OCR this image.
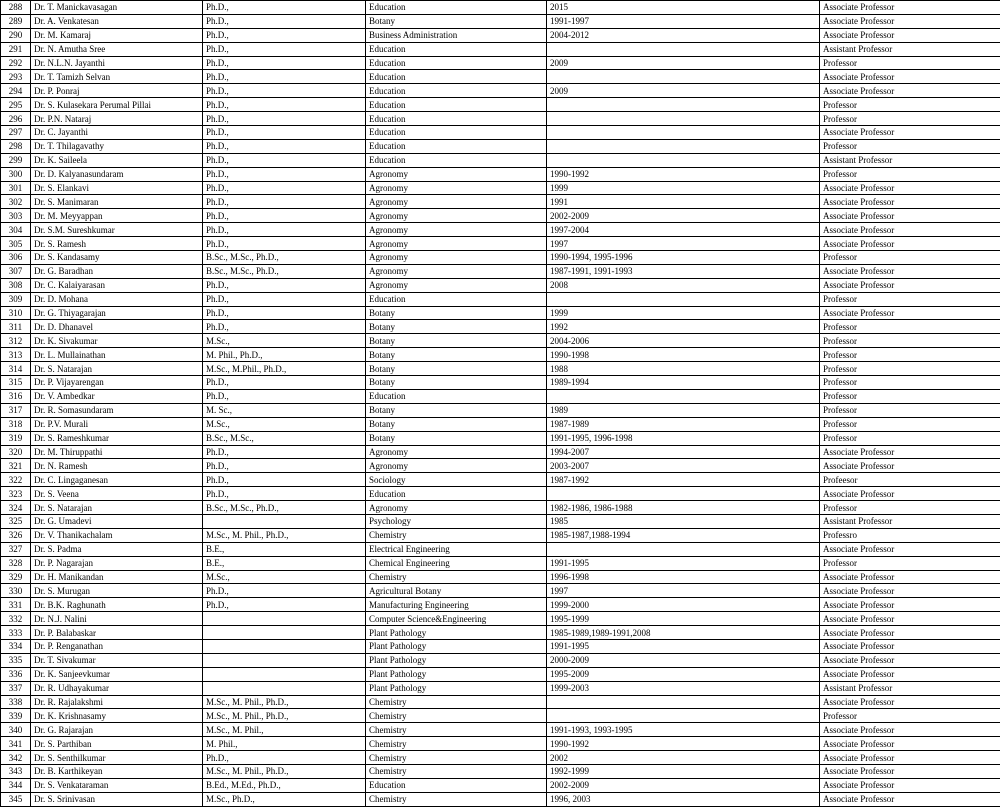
288	Dr. T. Manickavasagan	Ph.D.,	Education	2015	Associate Professor
289	Dr. A. Venkatesan	Ph.D.,	Botany	1991-1997	Associate Professor
290	Dr. M. Kamaraj	Ph.D.,	Business Administration	2004-2012	Associate Professor
291	Dr. N. Amutha Sree	Ph.D.,	Education		Assistant Professor
292	Dr. N.L.N. Jayanthi	Ph.D.,	Education	2009	Professor
293	Dr. T. Tamizh Selvan	Ph.D.,	Education		Associate Professor
294	Dr. P. Ponraj	Ph.D.,	Education	2009	Associate Professor
295	Dr. S. Kulasekara Perumal Pillai	Ph.D.,	Education		Professor
296	Dr. P.N. Nataraj	Ph.D.,	Education		Professor
297	Dr. C. Jayanthi	Ph.D.,	Education		Associate Professor
298	Dr. T. Thilagavathy	Ph.D.,	Education		Professor
299	Dr. K. Saileela	Ph.D.,	Education		Assistant Professor
300	Dr. D. Kalyanasundaram	Ph.D.,	Agronomy	1990-1992	Professor
301	Dr. S. Elankavi	Ph.D.,	Agronomy	1999	Associate Professor
302	Dr. S. Manimaran	Ph.D.,	Agronomy	1991	Associate Professor
303	Dr. M. Meyyappan	Ph.D.,	Agronomy	2002-2009	Associate Professor
304	Dr. S.M. Sureshkumar	Ph.D.,	Agronomy	1997-2004	Associate Professor
305	Dr. S. Ramesh	Ph.D.,	Agronomy	1997	Associate Professor
306	Dr. S. Kandasamy	B.Sc., M.Sc., Ph.D.,	Agronomy	1990-1994, 1995-1996	Professor
307	Dr. G. Baradhan	B.Sc., M.Sc., Ph.D.,	Agronomy	1987-1991, 1991-1993	Associate Professor
308	Dr. C. Kalaiyarasan	Ph.D.,	Agronomy	2008	Associate Professor
309	Dr. D. Mohana	Ph.D.,	Education		Professor
310	Dr. G. Thiyagarajan	Ph.D.,	Botany	1999	Associate Professor
311	Dr. D. Dhanavel	Ph.D.,	Botany	1992	Professor
312	Dr. K. Sivakumar	M.Sc.,	Botany	2004-2006	Professor
313	Dr. L. Mullainathan	M. Phil., Ph.D.,	Botany	1990-1998	Professor
314	Dr. S. Natarajan	M.Sc., M.Phil., Ph.D.,	Botany	1988	Professor
315	Dr. P. Vijayarengan	Ph.D.,	Botany	1989-1994	Professor
316	Dr. V. Ambedkar	Ph.D.,	Education		Professor
317	Dr. R. Somasundaram	M. Sc.,	Botany	1989	Professor
318	Dr. P.V. Murali	M.Sc.,	Botany	1987-1989	Professor
319	Dr. S. Rameshkumar	B.Sc., M.Sc.,	Botany	1991-1995, 1996-1998	Professor
320	Dr. M. Thiruppathi	Ph.D.,	Agronomy	1994-2007	Associate Professor
321	Dr. N. Ramesh	Ph.D.,	Agronomy	2003-2007	Associate Professor
322	Dr. C. Lingaganesan	Ph.D.,	Sociology	1987-1992	Profeesor
323	Dr. S. Veena	Ph.D.,	Education		Associate Professor
324	Dr. S. Natarajan	B.Sc., M.Sc., Ph.D.,	Agronomy	1982-1986, 1986-1988	Professor
325	Dr. G. Umadevi		Psychology	1985	Assistant Professor
326	Dr. V. Thanikachalam	M.Sc., M. Phil., Ph.D.,	Chemistry	1985-1987,1988-1994	Professro
327	Dr. S. Padma	B.E.,	Electrical Engineering		Associate Professor
328	Dr. P. Nagarajan	B.E.,	Chemical Engineering	1991-1995	Professor
329	Dr. H. Manikandan	M.Sc.,	Chemistry	1996-1998	Associate Professor
330	Dr. S. Murugan	Ph.D.,	Agricultural Botany	1997	Associate Professor
331	Dr. B.K. Raghunath	Ph.D.,	Manufacturing Engineering	1999-2000	Associate Professor
332	Dr. N.J. Nalini		Computer Science&Engineering	1995-1999	Associate Professor
333	Dr. P. Balabaskar		Plant Pathology	1985-1989,1989-1991,2008	Associate Professor
334	Dr. P. Renganathan		Plant Pathology	1991-1995	Associate Professor
335	Dr. T. Sivakumar		Plant Pathology	2000-2009	Associate Professor
336	Dr. K. Sanjeevkumar		Plant Pathology	1995-2009	Associate Professor
337	Dr. R. Udhayakumar		Plant Pathology	1999-2003	Assistant Professor
338	Dr. R. Rajalakshmi	M.Sc., M. Phil., Ph.D.,	Chemistry		Associate Professor
339	Dr. K. Krishnasamy	M.Sc., M. Phil., Ph.D.,	Chemistry		Professor
340	Dr. G. Rajarajan	M.Sc., M. Phil.,	Chemistry	1991-1993, 1993-1995	Associate Professor
341	Dr. S. Parthiban	M. Phil.,	Chemistry	1990-1992	Associate Professor
342	Dr. S. Senthilkumar	Ph.D.,	Chemistry	2002	Associate Professor
343	Dr. B. Karthikeyan	M.Sc., M. Phil., Ph.D.,	Chemistry	1992-1999	Associate Professor
344	Dr. S. Venkataraman	B.Ed., M.Ed., Ph.D.,	Education	2002-2009	Associate Professor
345	Dr. S. Srinivasan	M.Sc., Ph.D.,	Chemistry	1996, 2003	Associate Professor
